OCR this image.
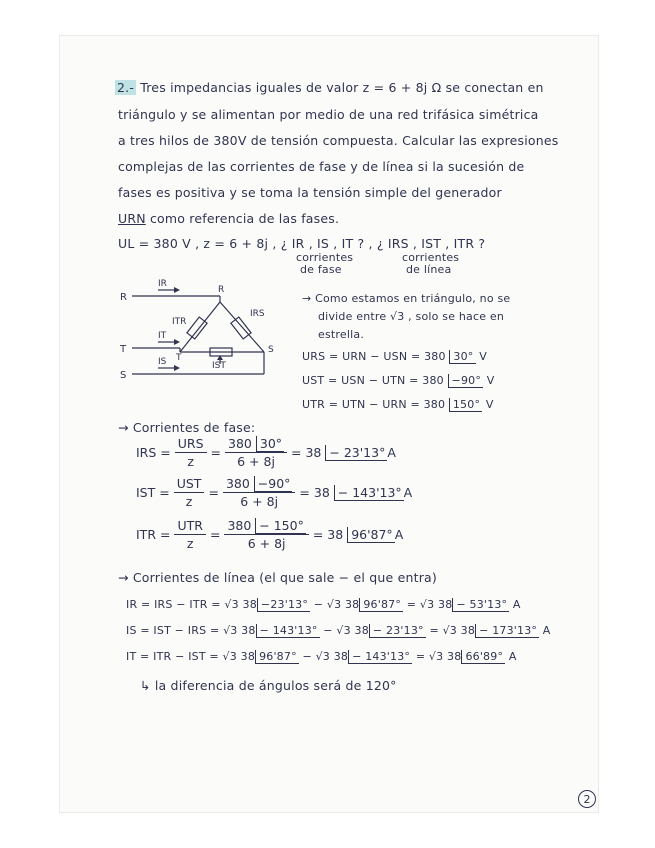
2.- Tres impedancias iguales de valor z = 6 + 8j Ω se conectan en
triángulo y se alimentan por medio de una red trifásica simétrica
a tres hilos de 380V de tensión compuesta. Calcular las expresiones
complejas de las corrientes de fase y de línea si la sucesión de
fases es positiva y se toma la tensión simple del generador
URN como referencia de las fases.
UL = 380 V , z = 6 + 8j , ¿ IR , IS , IT ? , ¿ IRS , IST , ITR ?
corrientes
de fase
corrientes
de línea
R
T
S
IR
IT
IS
R
T
S
IRS
ITR
IST
→ Como estamos en triángulo, no se
divide entre √3 , solo se hace en
estrella.
URS = URN − USN = 380 30° V
UST = USN − UTN = 380 −90° V
UTR = UTN − URN = 380 150° V
→ Corrientes de fase:
IRS =
URS
z
= $\frac{380 30^\circ}{6 + 8j} = 38$
− 23'13° A
IST =
UST
z
= $\frac{380 -90^\circ}{6 + 8j} = 38$
− 143'13° A
ITR =
UTR
z
= $\frac{380 - 150^\circ}{6 + 8j} = 38$
96'87° A
→ Corrientes de línea (el que sale − el que entra)
IR = IRS − ITR = √3 38 −23'13° − √3 38 96'87° = √3 38 − 53'13° A
IS = IST − IRS = √3 38 − 143'13° − √3 38 − 23'13° = √3 38 − 173'13° A
IT = ITR − IST = √3 38 96'87° − √3 38 − 143'13° = √3 38 66'89° A
↳ la diferencia de ángulos será de 120°
2
